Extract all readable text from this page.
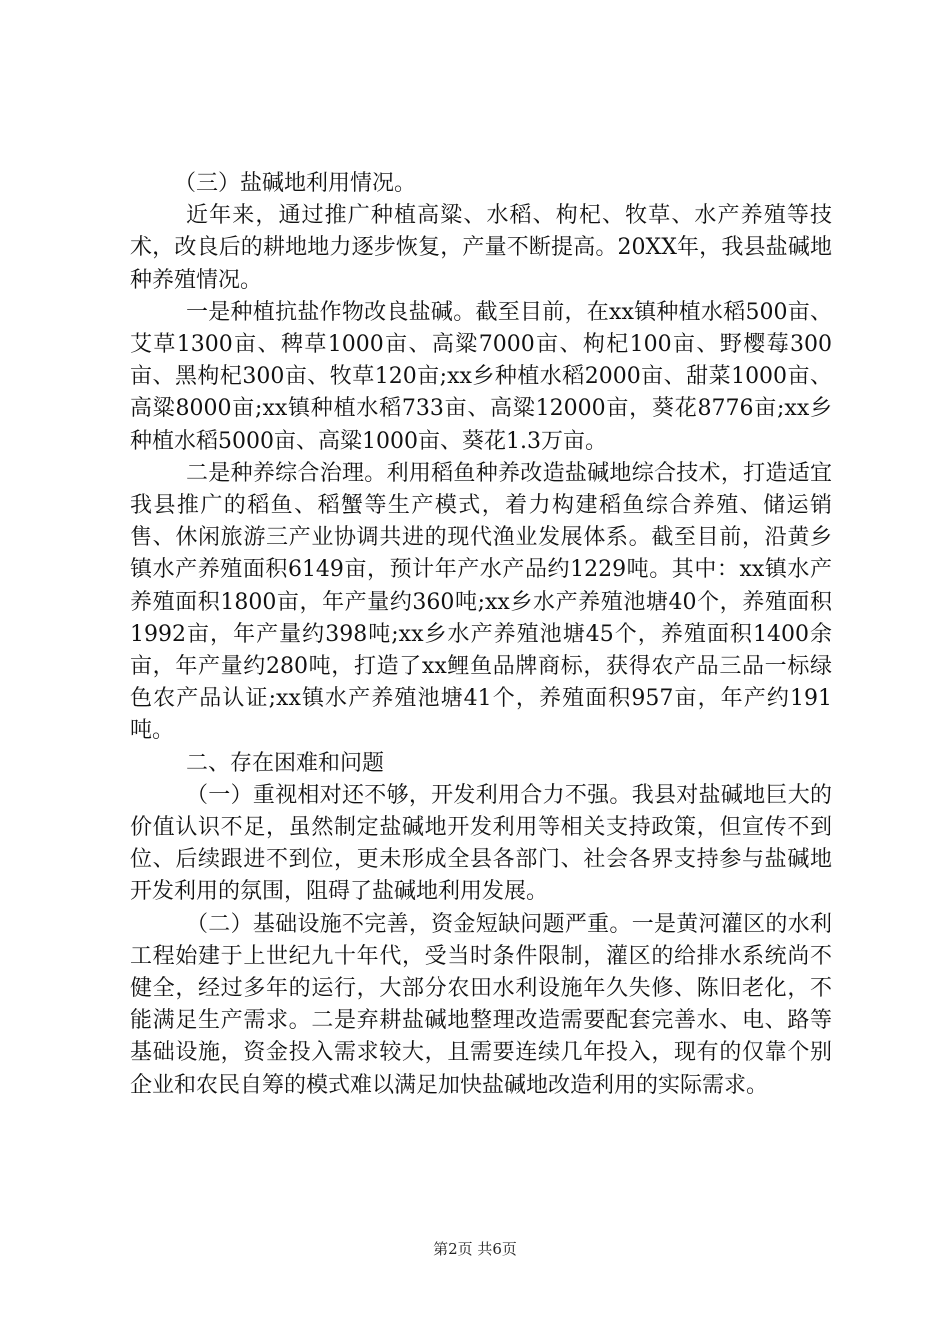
（三）盐碱地利用情况。

近年来，通过推广种植高粱、水稻、枸杞、牧草、水产养殖等技术，改良后的耕地地力逐步恢复，产量不断提高。20XX年，我县盐碱地种养殖情况。

一是种植抗盐作物改良盐碱。截至目前，在xx镇种植水稻500亩、艾草1300亩、稗草1000亩、高粱7000亩、枸杞100亩、野樱莓300亩、黑枸杞300亩、牧草120亩;xx乡种植水稻2000亩、甜菜1000亩、高粱8000亩;xx镇种植水稻733亩、高粱12000亩，葵花8776亩;xx乡种植水稻5000亩、高粱1000亩、葵花1.3万亩。

二是种养综合治理。利用稻鱼种养改造盐碱地综合技术，打造适宜我县推广的稻鱼、稻蟹等生产模式，着力构建稻鱼综合养殖、储运销售、休闲旅游三产业协调共进的现代渔业发展体系。截至目前，沿黄乡镇水产养殖面积6149亩，预计年产水产品约1229吨。其中：xx镇水产养殖面积1800亩，年产量约360吨;xx乡水产养殖池塘40个，养殖面积1992亩，年产量约398吨;xx乡水产养殖池塘45个，养殖面积1400余亩，年产量约280吨，打造了xx鲤鱼品牌商标，获得农产品三品一标绿色农产品认证;xx镇水产养殖池塘41个，养殖面积957亩，年产约191吨。

二、存在困难和问题

（一）重视相对还不够，开发利用合力不强。我县对盐碱地巨大的价值认识不足，虽然制定盐碱地开发利用等相关支持政策，但宣传不到位、后续跟进不到位，更未形成全县各部门、社会各界支持参与盐碱地开发利用的氛围，阻碍了盐碱地利用发展。

（二）基础设施不完善，资金短缺问题严重。一是黄河灌区的水利工程始建于上世纪九十年代，受当时条件限制，灌区的给排水系统尚不健全，经过多年的运行，大部分农田水利设施年久失修、陈旧老化，不能满足生产需求。二是弃耕盐碱地整理改造需要配套完善水、电、路等基础设施，资金投入需求较大，且需要连续几年投入，现有的仅靠个别企业和农民自筹的模式难以满足加快盐碱地改造利用的实际需求。

第2页 共6页
